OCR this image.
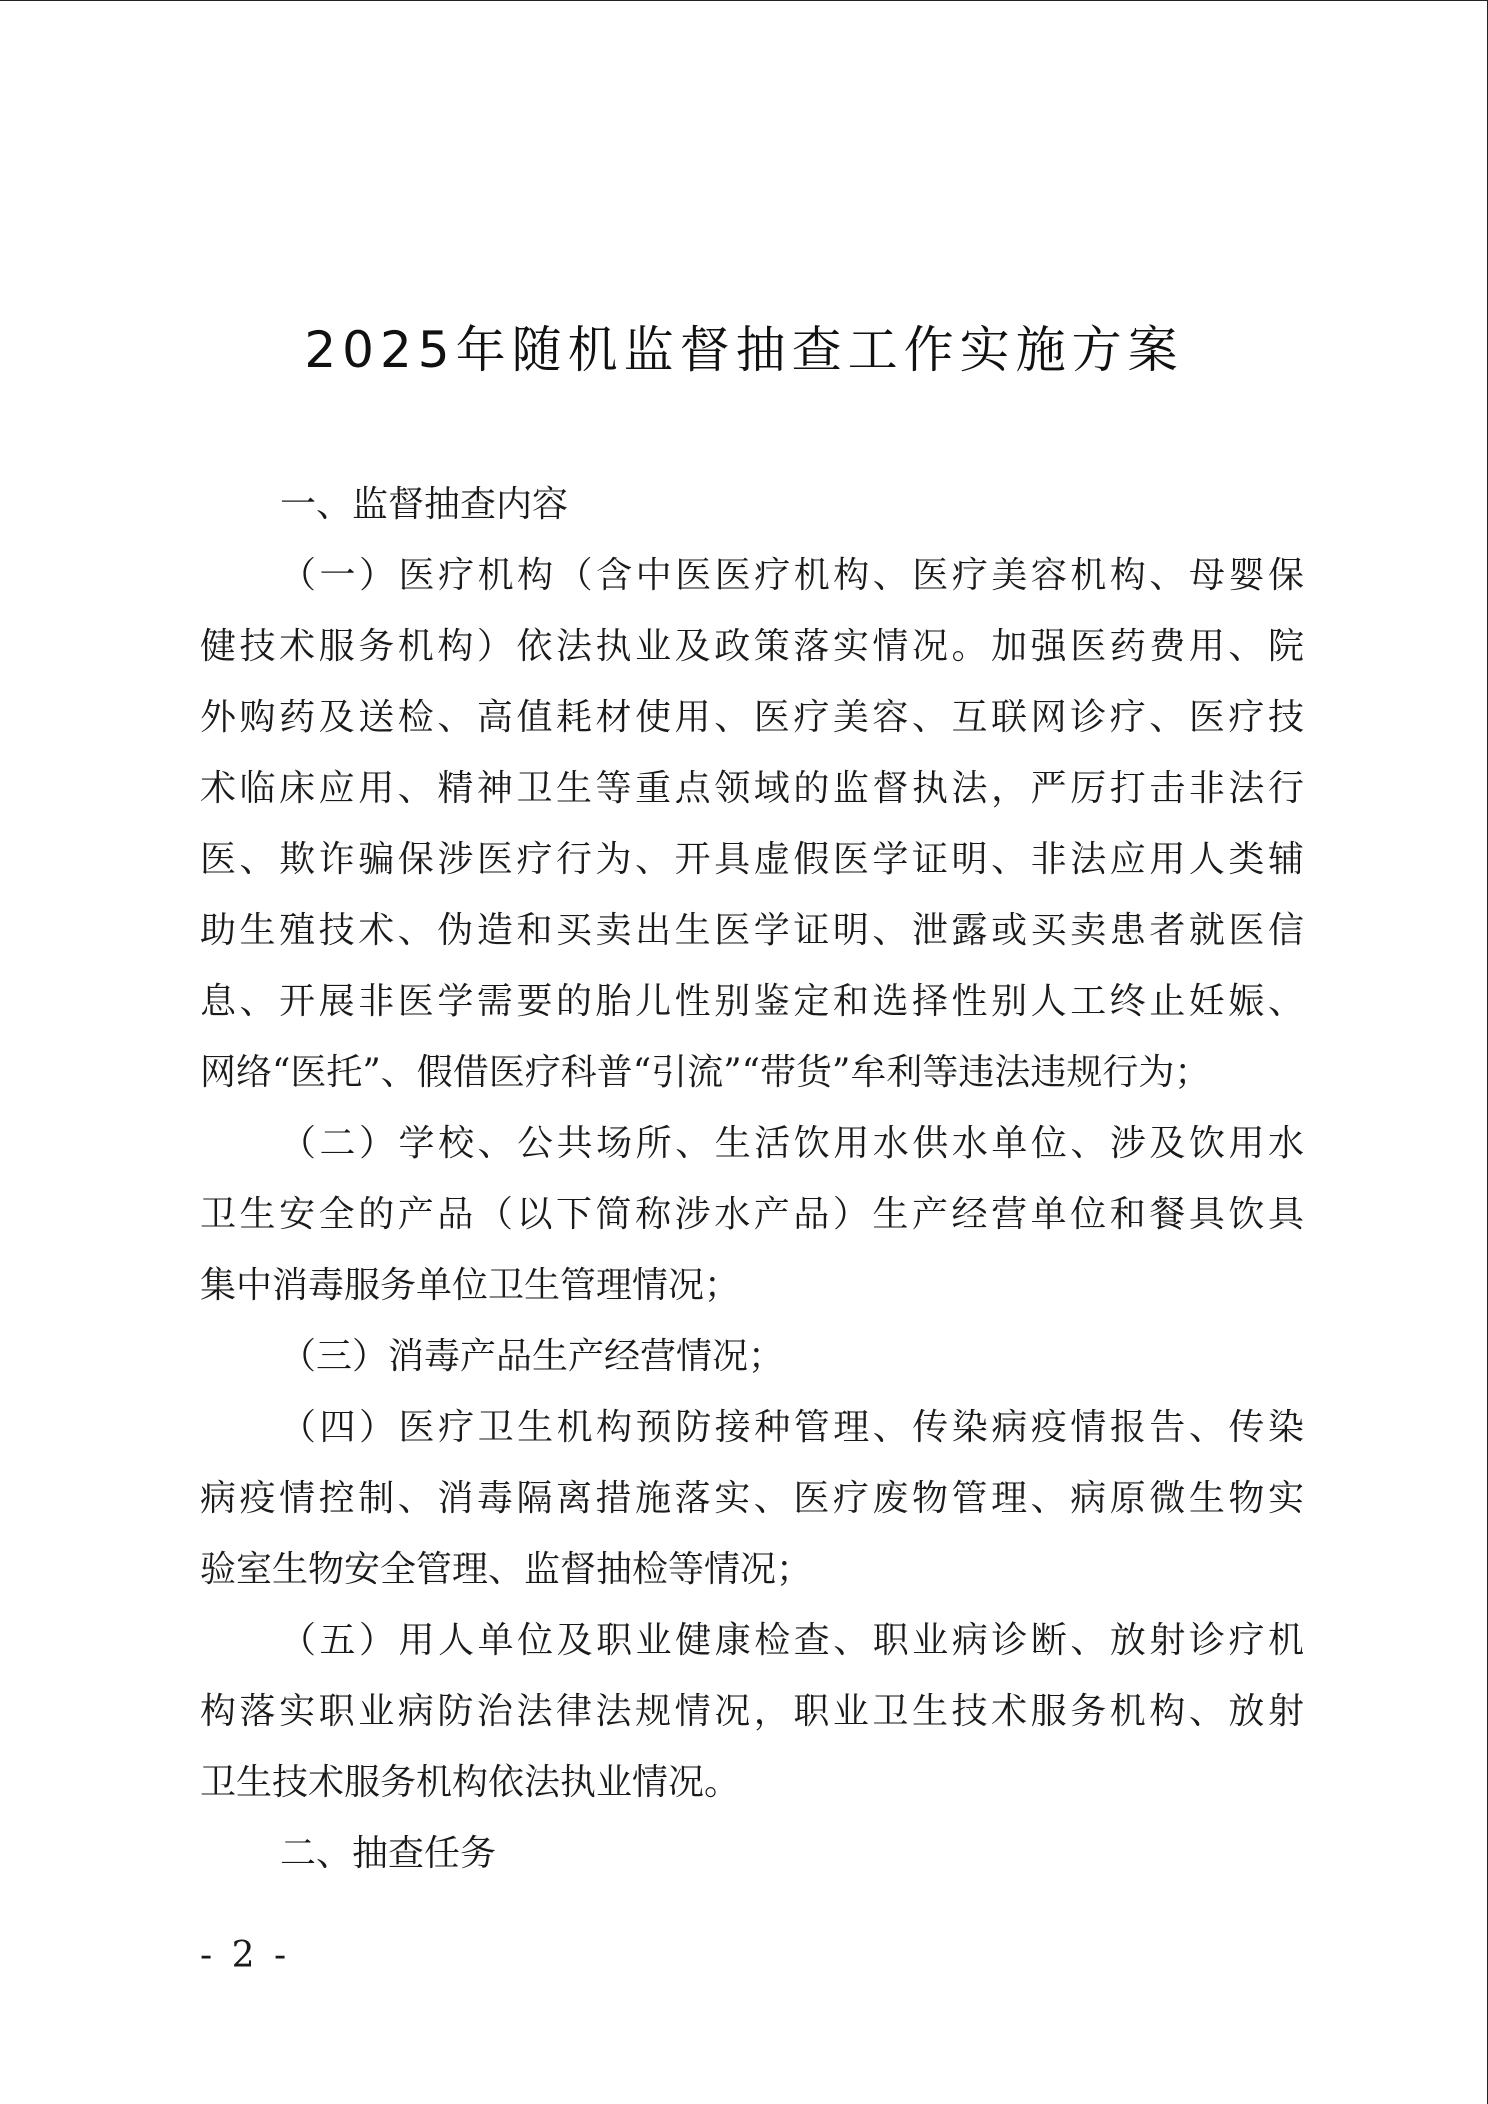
2025年随机监督抽查工作实施方案
一、监督抽查内容
（一）医疗机构（含中医医疗机构、医疗美容机构、母婴保
健技术服务机构）依法执业及政策落实情况。加强医药费用、院
外购药及送检、高值耗材使用、医疗美容、互联网诊疗、医疗技
术临床应用、精神卫生等重点领域的监督执法，严厉打击非法行
医、欺诈骗保涉医疗行为、开具虚假医学证明、非法应用人类辅
助生殖技术、伪造和买卖出生医学证明、泄露或买卖患者就医信
息、开展非医学需要的胎儿性别鉴定和选择性别人工终止妊娠、
网络“医托”、假借医疗科普“引流”“带货”牟利等违法违规行为；
（二）学校、公共场所、生活饮用水供水单位、涉及饮用水
卫生安全的产品（以下简称涉水产品）生产经营单位和餐具饮具
集中消毒服务单位卫生管理情况；
（三）消毒产品生产经营情况；
（四）医疗卫生机构预防接种管理、传染病疫情报告、传染
病疫情控制、消毒隔离措施落实、医疗废物管理、病原微生物实
验室生物安全管理、监督抽检等情况；
（五）用人单位及职业健康检查、职业病诊断、放射诊疗机
构落实职业病防治法律法规情况，职业卫生技术服务机构、放射
卫生技术服务机构依法执业情况。
二、抽查任务
- 2 -
